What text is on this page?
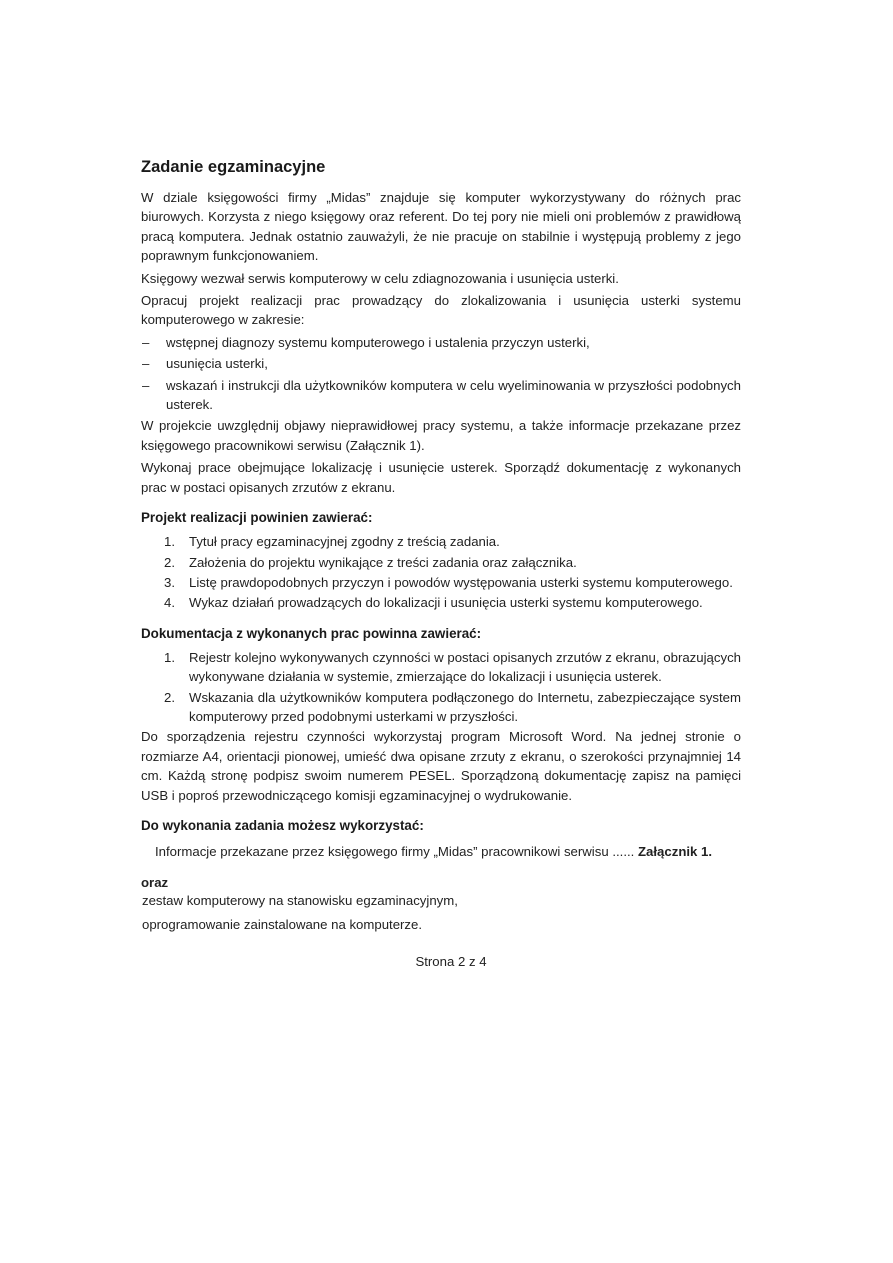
Zadanie egzaminacyjne

W dziale księgowości firmy „Midas” znajduje się komputer wykorzystywany do różnych prac biurowych. Korzysta z niego księgowy oraz referent. Do tej pory nie mieli oni problemów z prawidłową pracą komputera. Jednak ostatnio zauważyli, że nie pracuje on stabilnie i występują problemy z jego poprawnym funkcjonowaniem.

Księgowy wezwał serwis komputerowy w celu zdiagnozowania i usunięcia usterki.

Opracuj projekt realizacji prac prowadzący do zlokalizowania i usunięcia usterki systemu komputerowego w zakresie:

– wstępnej diagnozy systemu komputerowego i ustalenia przyczyn usterki,
– usunięcia usterki,
– wskazań i instrukcji dla użytkowników komputera w celu wyeliminowania w przyszłości podobnych usterek.

W projekcie uwzględnij objawy nieprawidłowej pracy systemu, a także informacje przekazane przez księgowego pracownikowi serwisu (Załącznik 1).

Wykonaj prace obejmujące lokalizację i usunięcie usterek. Sporządź dokumentację z wykonanych prac w postaci opisanych zrzutów z ekranu.

Projekt realizacji powinien zawierać:
1. Tytuł pracy egzaminacyjnej zgodny z treścią zadania.
2. Założenia do projektu wynikające z treści zadania oraz załącznika.
3. Listę prawdopodobnych przyczyn i powodów występowania usterki systemu komputerowego.
4. Wykaz działań prowadzących do lokalizacji i usunięcia usterki systemu komputerowego.
Dokumentacja z wykonanych prac powinna zawierać:
1. Rejestr kolejno wykonywanych czynności w postaci opisanych zrzutów z ekranu, obrazujących wykonywane działania w systemie, zmierzające do lokalizacji i usunięcia usterek.
2. Wskazania dla użytkowników komputera podłączonego do Internetu, zabezpieczające system komputerowy przed podobnymi usterkami w przyszłości.

Do sporządzenia rejestru czynności wykorzystaj program Microsoft Word. Na jednej stronie o rozmiarze A4, orientacji pionowej, umieść dwa opisane zrzuty z ekranu, o szerokości przynajmniej 14 cm. Każdą stronę podpisz swoim numerem PESEL. Sporządzoną dokumentację zapisz na pamięci USB i poproś przewodniczącego komisji egzaminacyjnej o wydrukowanie.

Do wykonania zadania możesz wykorzystać:

Informacje przekazane przez księgowego firmy „Midas” pracownikowi serwisu ...... Załącznik 1.

oraz
zestaw komputerowy na stanowisku egzaminacyjnym,
oprogramowanie zainstalowane na komputerze.
Strona 2 z 4
